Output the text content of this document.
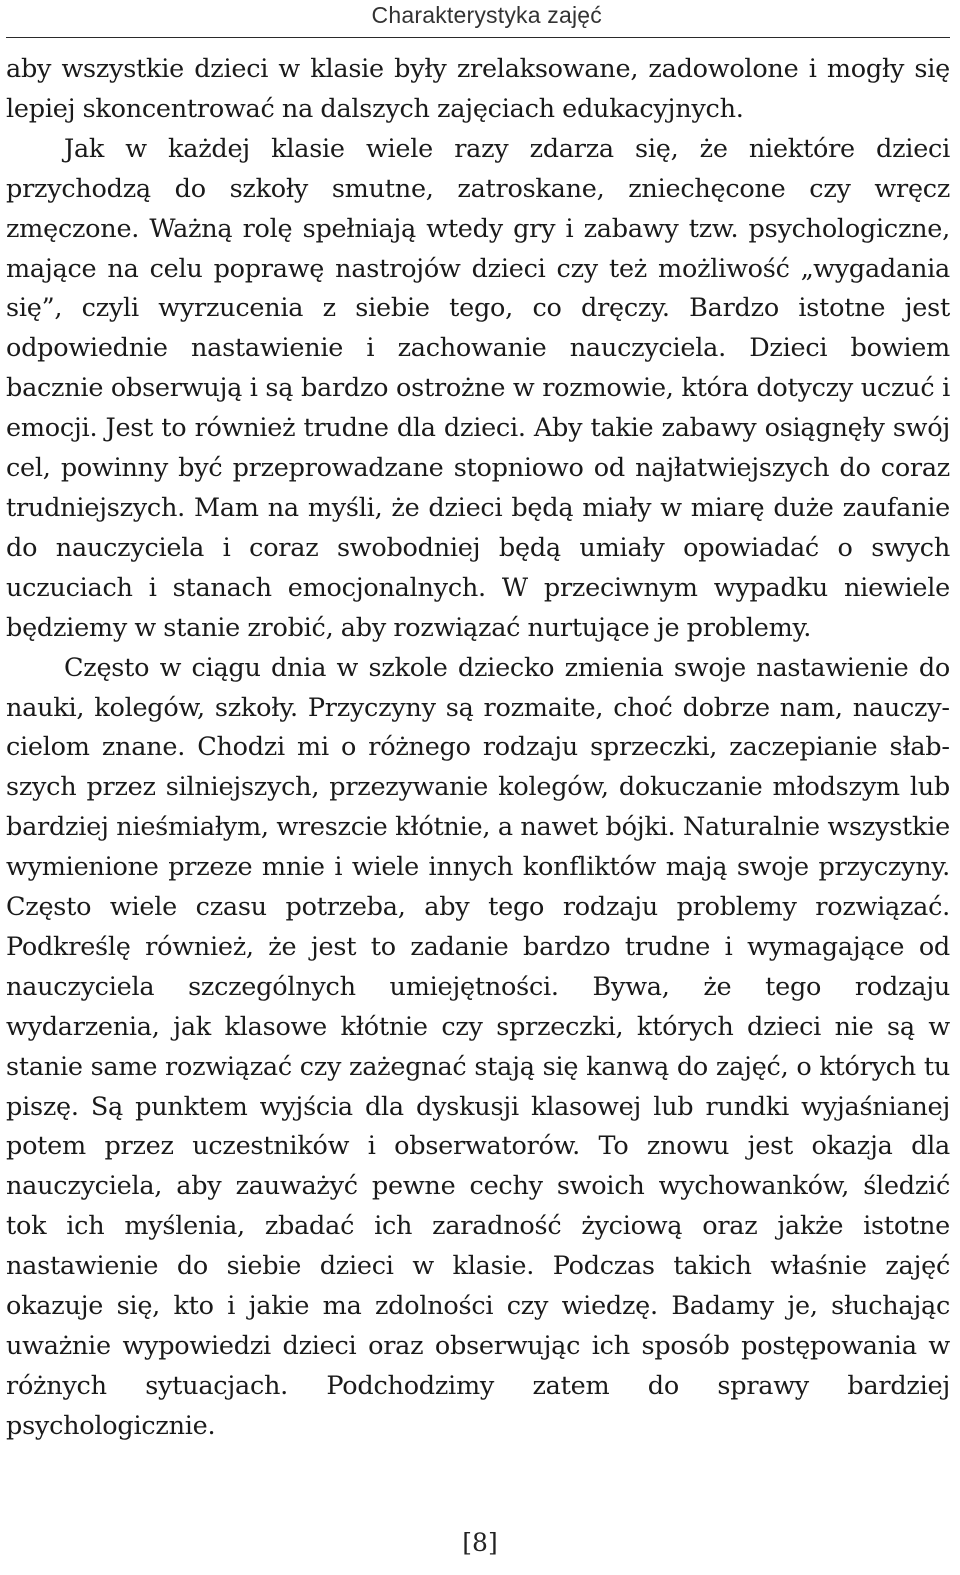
Charakterystyka zajęć

aby wszystkie dzieci w klasie były zrelaksowane, zadowolone i mogły się lepiej skoncentrować na dalszych zajęciach edukacyjnych.

Jak w każdej klasie wiele razy zdarza się, że niektóre dzieci przychodzą do szkoły smutne, zatroskane, zniechęcone czy wręcz zmęczone. Ważną rolę spełniają wtedy gry i zabawy tzw. psychologiczne, mające na celu poprawę nastrojów dzieci czy też możliwość „wygadania się”, czyli wyrzucenia z siebie tego, co dręczy. Bardzo istotne jest odpowiednie nastawienie i zachowanie nauczyciela. Dzieci bowiem bacznie obserwują i są bardzo ostrożne w rozmowie, która dotyczy uczuć i emocji. Jest to również trudne dla dzieci. Aby takie zabawy osiągnęły swój cel, powinny być przeprowadzane stopniowo od najłatwiejszych do coraz trudniejszych. Mam na myśli, że dzieci będą miały w miarę duże zaufanie do nauczyciela i coraz swobodniej będą umiały opowiadać o swych uczuciach i stanach emocjonalnych. W przeciwnym wypadku niewiele będziemy w stanie zrobić, aby rozwiązać nurtujące je problemy.

Często w ciągu dnia w szkole dziecko zmienia swoje nastawienie do nauki, kolegów, szkoły. Przyczyny są rozmaite, choć dobrze nam, nauczycielom znane. Chodzi mi o różnego rodzaju sprzeczki, zaczepianie słabszych przez silniejszych, przezywanie kolegów, dokuczanie młodszym lub bardziej nieśmiałym, wreszcie kłótnie, a nawet bójki. Naturalnie wszystkie wymienione przeze mnie i wiele innych konfliktów mają swoje przyczyny. Często wiele czasu potrzeba, aby tego rodzaju problemy rozwiązać. Podkreślę również, że jest to zadanie bardzo trudne i wymagające od nauczyciela szczególnych umiejętności. Bywa, że tego rodzaju wydarzenia, jak klasowe kłótnie czy sprzeczki, których dzieci nie są w stanie same rozwiązać czy zażegnać stają się kanwą do zajęć, o których tu piszę. Są punktem wyjścia dla dyskusji klasowej lub rundki wyjaśnianej potem przez uczestników i obserwatorów. To znowu jest okazja dla nauczyciela, aby zauważyć pewne cechy swoich wychowanków, śledzić tok ich myślenia, zbadać ich zaradność życiową oraz jakże istotne nastawienie do siebie dzieci w klasie. Podczas takich właśnie zajęć okazuje się, kto i jakie ma zdolności czy wiedzę. Badamy je, słuchając uważnie wypowiedzi dzieci oraz obserwując ich sposób postępowania w różnych sytuacjach. Podchodzimy zatem do sprawy bardziej psychologicznie.

[8]
